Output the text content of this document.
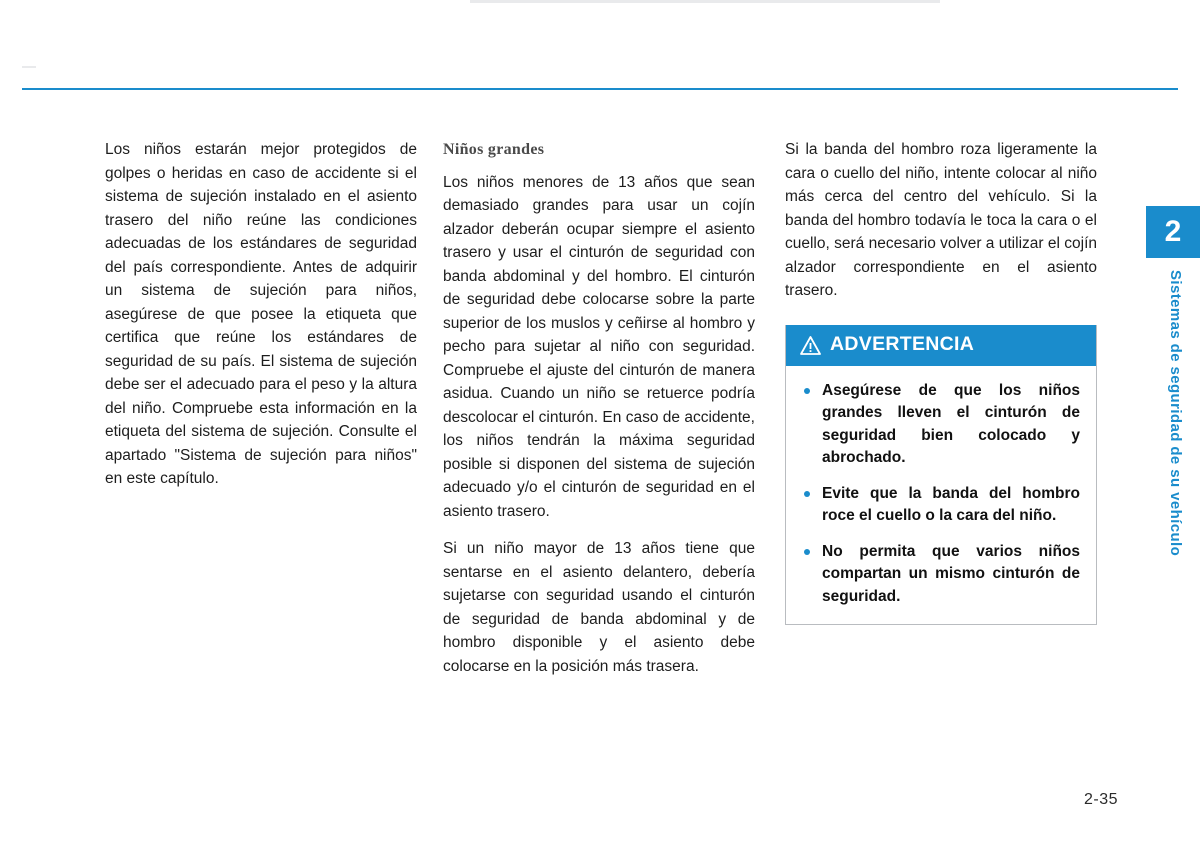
2
Sistemas de seguridad de su vehículo

Los niños estarán mejor protegidos de golpes o heridas en caso de accidente si el sistema de sujeción instalado en el asiento trasero del niño reúne las condiciones adecuadas de los estándares de seguridad del país correspondiente. Antes de adquirir un sistema de sujeción para niños, asegúrese de que posee la etiqueta que certifica que reúne los estándares de seguridad de su país. El sistema de sujeción debe ser el adecuado para el peso y la altura del niño. Compruebe esta información en la etiqueta del sistema de sujeción. Consulte el apartado "Sistema de sujeción para niños" en este capítulo.

Niños grandes

Los niños menores de 13 años que sean demasiado grandes para usar un cojín alzador deberán ocupar siempre el asiento trasero y usar el cinturón de seguridad con banda abdominal y del hombro. El cinturón de seguridad debe colocarse sobre la parte superior de los muslos y ceñirse al hombro y pecho para sujetar al niño con seguridad. Compruebe el ajuste del cinturón de manera asidua. Cuando un niño se retuerce podría descolocar el cinturón. En caso de accidente, los niños tendrán la máxima seguridad posible si disponen del sistema de sujeción adecuado y/o el cinturón de seguridad en el asiento trasero.

Si un niño mayor de 13 años tiene que sentarse en el asiento delantero, debería sujetarse con seguridad usando el cinturón de seguridad de banda abdominal y de hombro disponible y el asiento debe colocarse en la posición más trasera.

Si la banda del hombro roza ligeramente la cara o cuello del niño, intente colocar al niño más cerca del centro del vehículo. Si la banda del hombro todavía le toca la cara o el cuello, será necesario volver a utilizar el cojín alzador correspondiente en el asiento trasero.

ADVERTENCIA
Asegúrese de que los niños grandes lleven el cinturón de seguridad bien colocado y abrochado.
Evite que la banda del hombro roce el cuello o la cara del niño.
No permita que varios niños compartan un mismo cinturón de seguridad.
2-35
